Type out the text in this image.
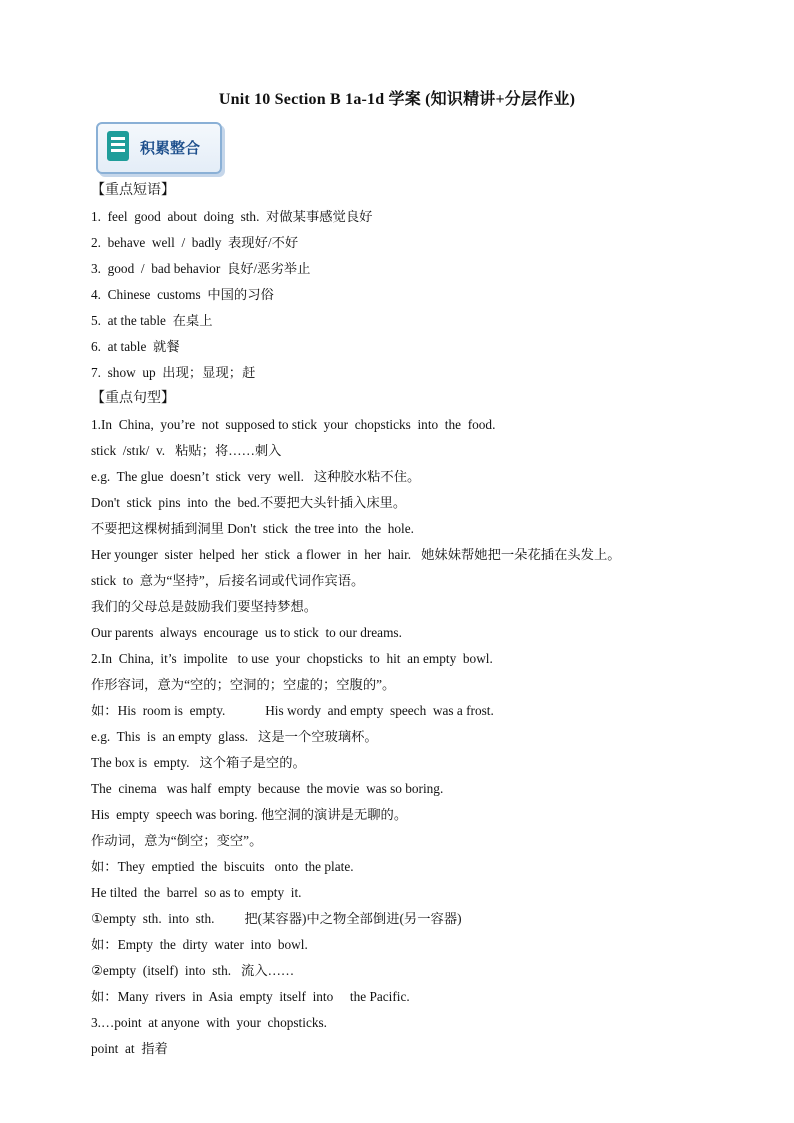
Unit 10 Section B 1a-1d 学案 (知识精讲+分层作业)
积累整合
【重点短语】
1.  feel  good  about  doing  sth.  对做某事感觉良好
2.  behave  well  /  badly  表现好/不好
3.  good  /  bad behavior  良好/恶劣举止
4.  Chinese  customs  中国的习俗
5.  at the table  在桌上
6.  at table  就餐
7.  show  up  出现；显现；赶
【重点句型】
1.In  China,  you’re  not  supposed to stick  your  chopsticks  into  the  food.
stick  /stɪk/  v.   粘贴；将……刺入
e.g.  The glue  doesn’t  stick  very  well.   这种胶水粘不住。
Don't  stick  pins  into  the  bed.不要把大头针插入床里。
不要把这棵树插到洞里 Don't  stick  the tree into  the  hole.
Her younger  sister  helped  her  stick  a flower  in  her  hair.   她妹妹帮她把一朵花插在头发上。
stick  to  意为“坚持”，后接名词或代词作宾语。
我们的父母总是鼓励我们要坚持梦想。
Our parents  always  encourage  us to stick  to our dreams.
2.In  China,  it’s  impolite   to use  your  chopsticks  to  hit  an empty  bowl.
作形容词，意为“空的；空洞的；空虚的；空腹的”。
如：His  room is  empty.            His wordy  and empty  speech  was a frost.
e.g.  This  is  an empty  glass.   这是一个空玻璃杯。
The box is  empty.   这个箱子是空的。
The  cinema   was half  empty  because  the movie  was so boring.
His  empty  speech was boring. 他空洞的演讲是无聊的。
作动词，意为“倒空；变空”。
如：They  emptied  the  biscuits   onto  the plate.
He tilted  the  barrel  so as to  empty  it.
①empty  sth.  into  sth.         把(某容器)中之物全部倒进(另一容器)
如：Empty  the  dirty  water  into  bowl.
②empty  (itself)  into  sth.   流入……
如：Many  rivers  in  Asia  empty  itself  into     the Pacific.
3.…point  at anyone  with  your  chopsticks.
point  at  指着
